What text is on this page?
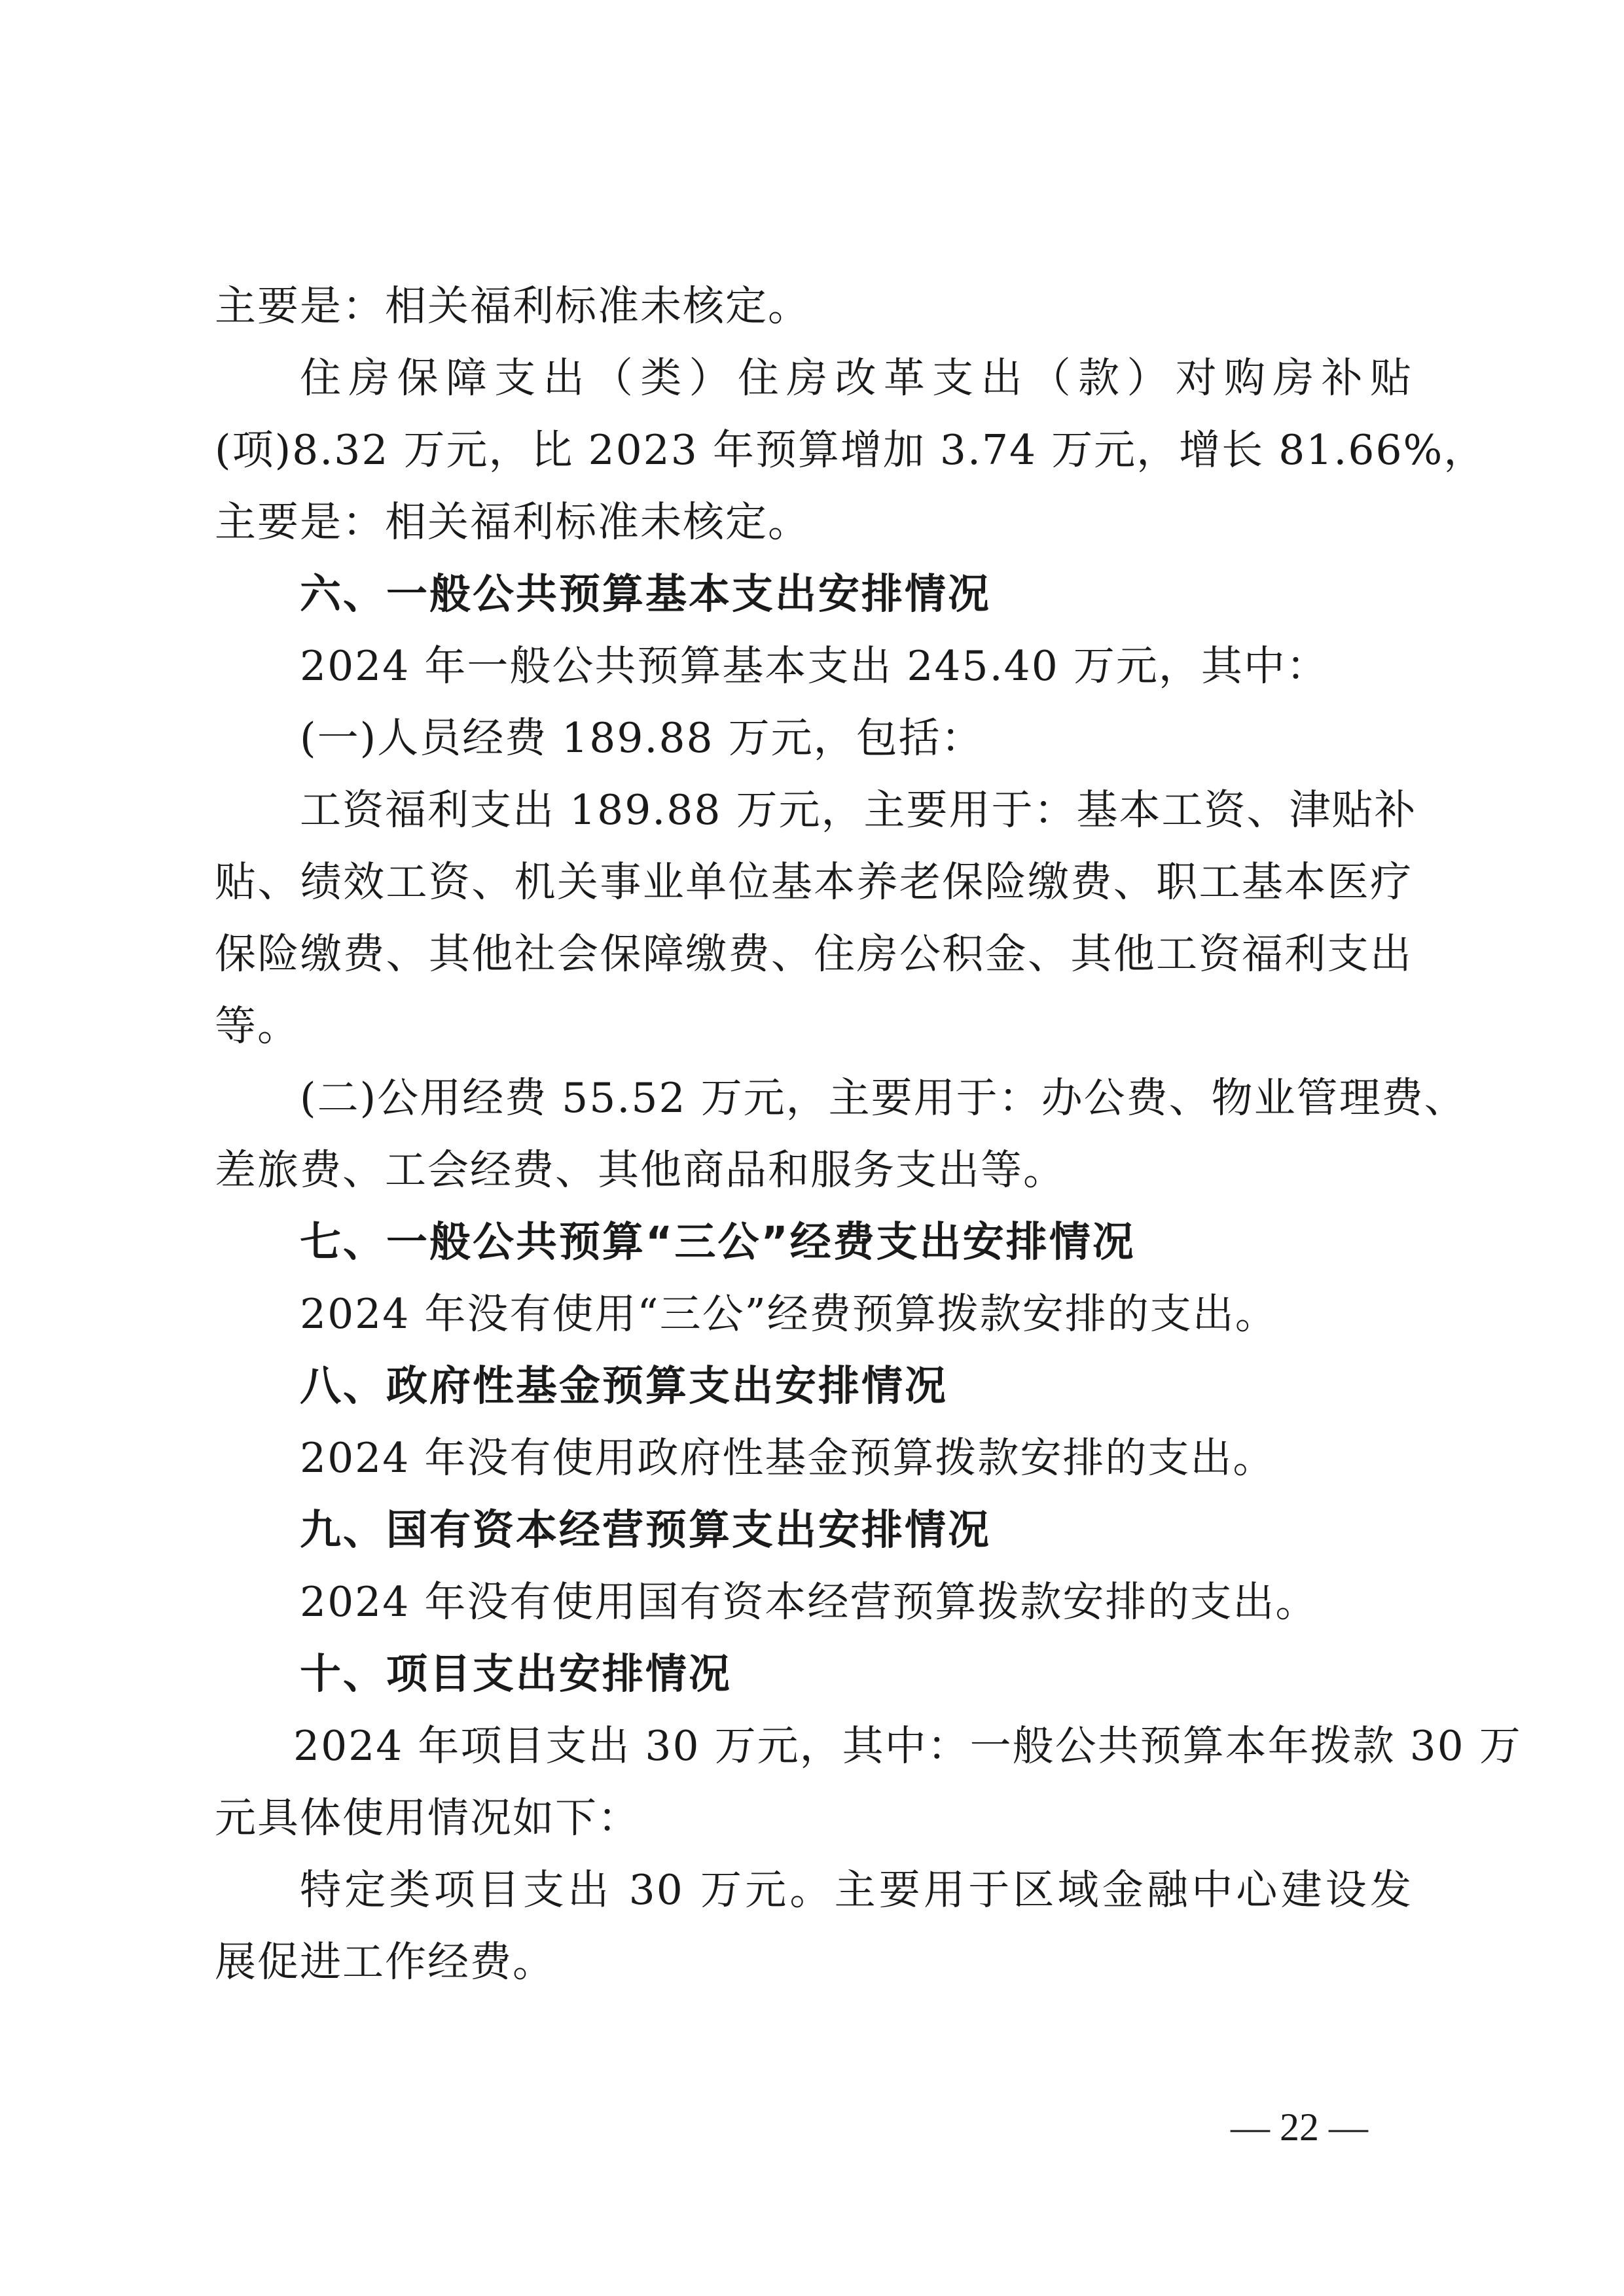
主要是：相关福利标准未核定。
住房保障支出（类）住房改革支出（款）对购房补贴
(项)8.32 万元，比 2023 年预算增加 3.74 万元，增长 81.66%，
主要是：相关福利标准未核定。
六、一般公共预算基本支出安排情况
2024 年一般公共预算基本支出 245.40 万元，其中：
(一)人员经费 189.88 万元，包括：
工资福利支出 189.88 万元，主要用于：基本工资、津贴补
贴、绩效工资、机关事业单位基本养老保险缴费、职工基本医疗
保险缴费、其他社会保障缴费、住房公积金、其他工资福利支出
等。
(二)公用经费 55.52 万元，主要用于：办公费、物业管理费、
差旅费、工会经费、其他商品和服务支出等。
七、一般公共预算“三公”经费支出安排情况
2024 年没有使用“三公”经费预算拨款安排的支出。
八、政府性基金预算支出安排情况
2024 年没有使用政府性基金预算拨款安排的支出。
九、国有资本经营预算支出安排情况
2024 年没有使用国有资本经营预算拨款安排的支出。
十、项目支出安排情况
2024 年项目支出 30 万元，其中：一般公共预算本年拨款 30 万
元具体使用情况如下：
特定类项目支出 30 万元。主要用于区域金融中心建设发
展促进工作经费。
— 22 —
